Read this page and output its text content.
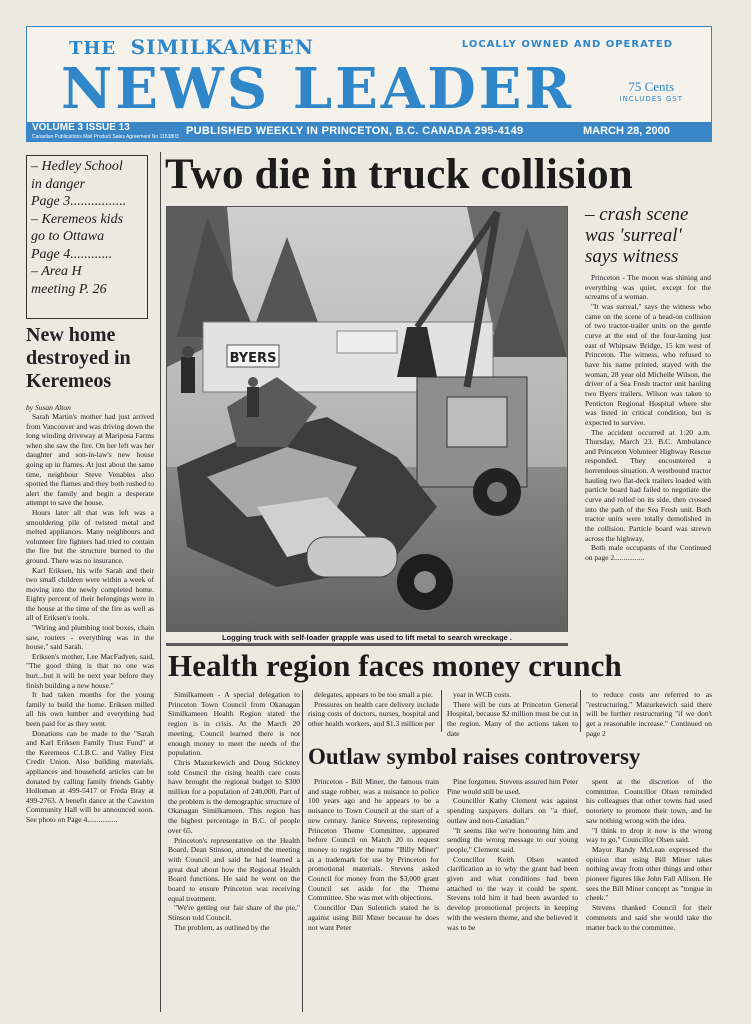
THE SIMILKAMEEN	LOCALLY OWNED AND OPERATED
NEWS LEADER	75 Cents
INCLUDES GST
VOLUME 3 ISSUE 13
Canadian Publications Mail Product Sales Agreement No 1153803 PUBLISHED WEEKLY IN PRINCETON, B.C. CANADA 295-4149	MARCH 28, 2000
– Hedley School
in danger
Page 3................
– Keremeos kids
go to Ottawa
Page 4............
– Area H
meeting P. 26
New home destroyed in Keremeos
by Susan Alton

Sarah Martin's mother had just arrived from Vancouver and was driving down the long winding driveway at Mariposa Farms when she saw the fire. On her left was her daughter and son-in-law's new house going up in flames. At just about the same time, neighbour Steve Venables also spotted the flames and they both rushed to alert the family and begin a desperate attempt to save the house.

Hours later all that was left was a smouldering pile of twisted metal and melted appliances. Many neighbours and volunteer fire fighters had tried to contain the fire but the structure burned to the ground. There was no insurance.

Karl Eriksen, his wife Sarah and their two small children were within a week of moving into the newly completed home. Eighty percent of their belongings were in the house at the time of the fire as well as all of Eriksen's tools.

"Wiring and plumbing tool boxes, chain saw, routers - everything was in the house," said Sarah.

Eriksen's mother, Lee MacFadyen, said, "The good thing is that no one was hurt...but it will be next year before they finish building a new house."

It had taken months for the young family to build the home. Eriksen milled all his own lumber and everything had been paid for as they went.

Donations can be made to the "Sarah and Karl Eriksen Family Trust Fund" at the Keremeos C.I.B.C. and Valley First Credit Union. Also building materials, appliances and household articles can be donated by calling family friends Gabby Holloman at 499-5417 or Freda Bray at 499-2763. A benefit dance at the Cawston Community Hall will be announced soon. See photo on Page 4................

Two die in truck collision
BYERS
Logging truck with self-loader grapple was used to lift metal to search wreckage .
– crash scene was 'surreal' says witness

Princeton - The moon was shining and everything was quiet, except for the screams of a woman.

"It was surreal," says the witness who came on the scene of a head-on collision of two tractor-trailer units on the gentle curve at the end of the four-laning just east of Whipsaw Bridge, 15 km west of Princeton. The witness, who refused to have his name printed, stayed with the woman, 28 year old Michelle Wilson, the driver of a Sea Fresh tractor unit hauling two Byers trailers. Wilson was taken to Penticton Regional Hospital where she was listed in critical condition, but is expected to survive.

The accident occurred at 1:20 a.m. Thursday, March 23. B.C. Ambulance and Princeton Volunteer Highway Rescue responded. They encountered a horrendous situation. A westbound tractor hauling two flat-deck trailers loaded with particle board had failed to negotiate the curve and rolled on its side, then crossed into the path of the Sea Fresh unit. Both tractor units were totally demolished in the collision. Particle board was strewn across the highway.

Both male occupants of the Continued on page 2................

Health region faces money crunch

Similkameen - A special delegation to Princeton Town Council from Okanagan Similkameen Health Region stated the region is in crisis. At the March 20 meeting, Council learned there is not enough money to meet the needs of the population.

Chris Mazurkewich and Doug Stickney told Council the rising health care costs have brought the regional budget to $300 million for a population of 240,000. Part of the problem is the demographic structure of Okanagan Similkameen. This region has the highest percentage in B.C. of people over 65.

Princeton's representative on the Health Board, Dean Stinson, attended the meeting with Council and said he had learned a great deal about how the Regional Health Board functions. He said he went on the board to ensure Princeton was receiving equal treatment.

"We're getting our fair share of the pie," Stinson told Council.

The problem, as outlined by the

delegates, appears to be too small a pie.

Pressures on health care delivery include rising costs of doctors, nurses, hospital and other health workers, and $1.3 million per

year in WCB costs.

There will be cuts at Princeton General Hospital, because $2 million must be cut in the region. Many of the actions taken to date

to reduce costs are referred to as "restructuring." Mazurkewich said there will be further restructuring "if we don't get a reasonable increase." Continued on page 2

Outlaw symbol raises controversy

Princeton - Bill Miner, the famous train and stage robber, was a nuisance to police 100 years ago and he appears to be a nuisance to Town Council at the start of a new century. Janice Stevens, representing Princeton Theme Committee, appeared before Council on March 20 to request money to register the name "Billy Miner" as a trademark for use by Princeton for promotional materials. Stevens asked Council for money from the $3,000 grant Council set aside for the Theme Committee. She was met with objections.

Councillor Dan Sulentich stated he is against using Bill Miner because he does not want Peter

Pine forgotten. Stevens assured him Peter Pine would still be used.

Councillor Kathy Clement was against spending taxpayers dollars on "a thief, outlaw and non-Canadian."

"It seems like we're honouring him and sending the wrong message to our young people," Clement said.

Councillor Keith Olsen wanted clarification as to why the grant had been given and what conditions had been attached to the way it could be spent. Stevens told him it had been awarded to develop promotional projects in keeping with the western theme, and she believed it was to be

spent at the discretion of the committee. Councillor Olsen reminded his colleagues that other towns had used notoriety to promote their town, and he saw nothing wrong with the idea.

"I think to drop it now is the wrong way to go," Councillor Olsen said.

Mayor Randy McLean expressed the opinion that using Bill Miner takes nothing away from other things and other pioneer figures like John Fall Allison. He sees the Bill Miner concept as "tongue in cheek."

Stevens thanked Council for their comments and said she would take the matter back to the committee.
